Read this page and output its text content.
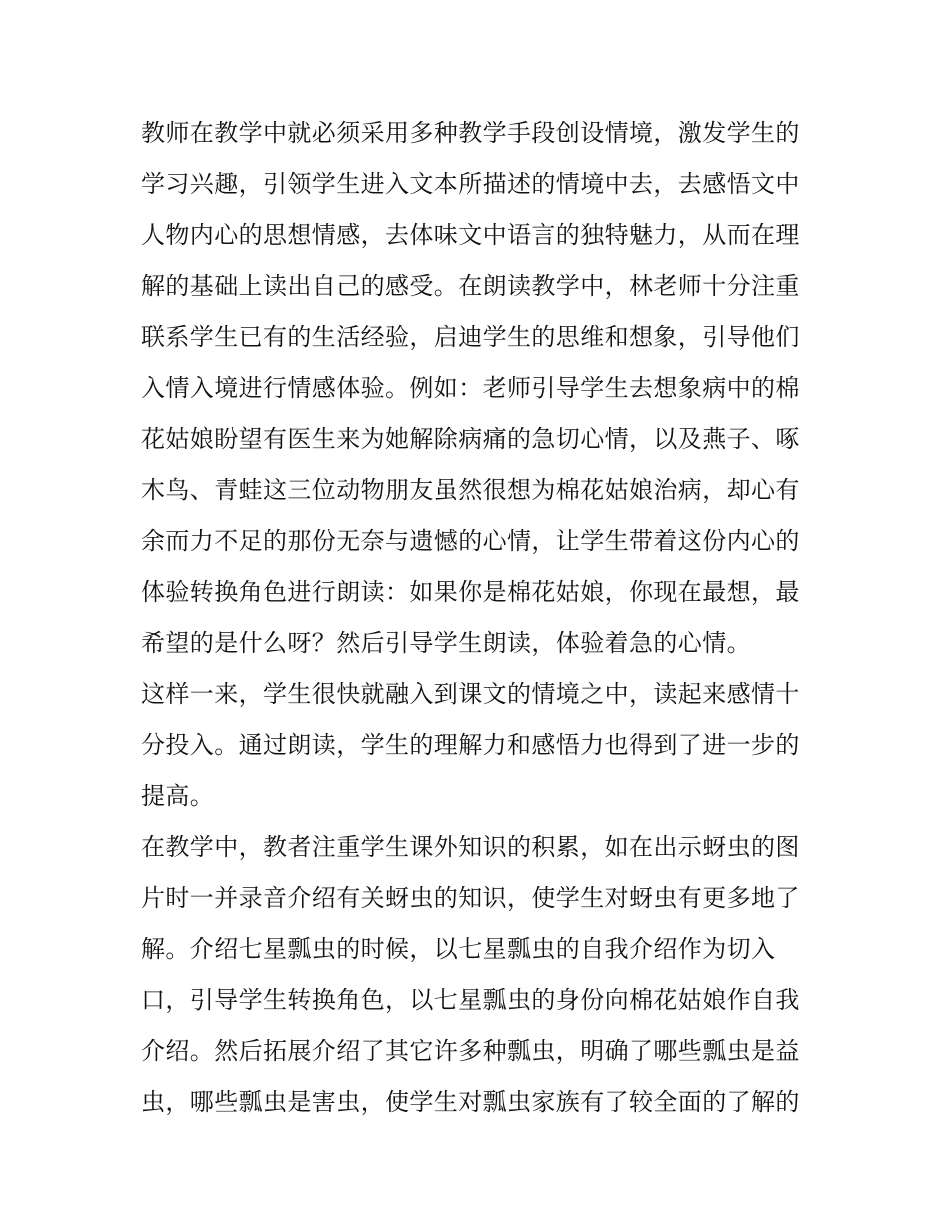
教师在教学中就必须采用多种教学手段创设情境，激发学生的
学习兴趣，引领学生进入文本所描述的情境中去，去感悟文中
人物内心的思想情感，去体味文中语言的独特魅力，从而在理
解的基础上读出自己的感受。在朗读教学中，林老师十分注重
联系学生已有的生活经验，启迪学生的思维和想象，引导他们
入情入境进行情感体验。例如：老师引导学生去想象病中的棉
花姑娘盼望有医生来为她解除病痛的急切心情，以及燕子、啄
木鸟、青蛙这三位动物朋友虽然很想为棉花姑娘治病，却心有
余而力不足的那份无奈与遗憾的心情，让学生带着这份内心的
体验转换角色进行朗读：如果你是棉花姑娘，你现在最想，最
希望的是什么呀？然后引导学生朗读，体验着急的心情。
这样一来，学生很快就融入到课文的情境之中，读起来感情十
分投入。通过朗读，学生的理解力和感悟力也得到了进一步的
提高。
在教学中，教者注重学生课外知识的积累，如在出示蚜虫的图
片时一并录音介绍有关蚜虫的知识，使学生对蚜虫有更多地了
解。介绍七星瓢虫的时候，以七星瓢虫的自我介绍作为切入
口，引导学生转换角色，以七星瓢虫的身份向棉花姑娘作自我
介绍。然后拓展介绍了其它许多种瓢虫，明确了哪些瓢虫是益
虫，哪些瓢虫是害虫，使学生对瓢虫家族有了较全面的了解的
